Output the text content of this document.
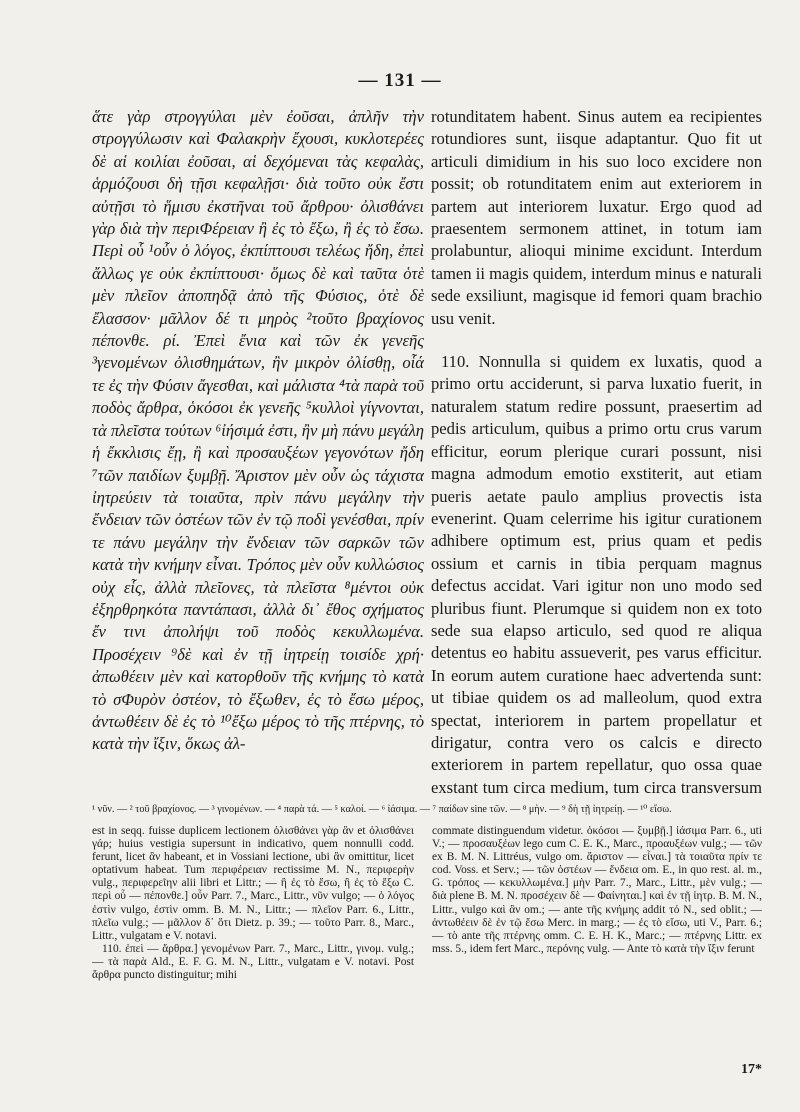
— 131 —

ἅτε γὰρ στρογγύλαι μὲν ἐοῦσαι, ἀπλῆν τὴν στρογγύλωσιν καὶ Φαλακρὴν ἔχουσι, κυκλοτερέες δὲ αἱ κοιλίαι ἐοῦσαι, αἱ δεχόμεναι τὰς κεφαλὰς, ἁρμόζουσι δὴ τῇσι κεφαλῇσι· διὰ τοῦτο οὐκ ἔστι αὐτῇσι τὸ ἥμισυ ἐκστῆναι τοῦ ἄρθρου· ὀλισθάνει γὰρ διὰ τὴν περιΦέρειαν ἢ ἐς τὸ ἔξω, ἢ ἐς τὸ ἔσω. Περὶ οὗ ¹οὖν ὁ λόγος, ἐκπίπτουσι τελέως ἤδη, ἐπεὶ ἄλλως γε οὐκ ἐκπίπτουσι· ὅμως δὲ καὶ ταῦτα ὁτὲ μὲν πλεῖον ἀποπηδᾷ ἀπὸ τῆς Φύσιος, ὁτὲ δὲ ἔλασσον· μᾶλλον δέ τι μηρὸς ²τοῦτο βραχίονος πέπονθε. ρί. Ἐπεὶ ἔνια καὶ τῶν ἐκ γενεῆς ³γενομένων ὀλισθημάτων, ἢν μικρὸν ὀλίσθῃ, οἷά τε ἐς τὴν Φύσιν ἄγεσθαι, καὶ μάλιστα ⁴τὰ παρὰ τοῦ ποδὸς ἄρθρα, ὁκόσοι ἐκ γενεῆς ⁵κυλλοὶ γίγνονται, τὰ πλεῖστα τούτων ⁶ἰήσιμά ἐστι, ἢν μὴ πάνυ μεγάλη ἡ ἔκκλισις ἔῃ, ἢ καὶ προσαυξέων γεγονότων ἤδη ⁷τῶν παιδίων ξυμβῇ. Ἄριστον μὲν οὖν ὡς τάχιστα ἰητρεύειν τὰ τοιαῦτα, πρὶν πάνυ μεγάλην τὴν ἔνδειαν τῶν ὀστέων τῶν ἐν τῷ ποδὶ γενέσθαι, πρίν τε πάνυ μεγάλην τὴν ἔνδειαν τῶν σαρκῶν τῶν κατὰ τὴν κνήμην εἶναι. Τρόπος μὲν οὖν κυλλώσιος οὐχ εἷς, ἀλλὰ πλεῖονες, τὰ πλεῖστα ⁸μέντοι οὐκ ἐξηρθρηκότα παντάπασι, ἀλλὰ δι᾽ ἔθος σχήματος ἔν τινι ἀπολήψι τοῦ ποδὸς κεκυλλωμένα. Προσέχειν ⁹δὲ καὶ ἐν τῇ ἰητρείῃ τοισίδε χρή· ἀπωθέειν μὲν καὶ κατορθοῦν τῆς κνήμης τὸ κατὰ τὸ σΦυρὸν ὀστέον, τὸ ἔξωθεν, ἐς τὸ ἔσω μέρος, ἀντωθέειν δὲ ἐς τὸ ¹⁰ἔξω μέρος τὸ τῆς πτέρνης, τὸ κατὰ τὴν ἴξιν, ὅκως ἀλ-

rotunditatem habent. Sinus autem ea recipientes rotundiores sunt, iisque adaptantur. Quo fit ut articuli dimidium in his suo loco excidere non possit; ob rotunditatem enim aut exteriorem in partem aut interiorem luxatur. Ergo quod ad praesentem sermonem attinet, in totum iam prolabuntur, alioqui minime excidunt. Interdum tamen ii magis quidem, interdum minus e naturali sede exsiliunt, magisque id femori quam brachio usu venit.

110. Nonnulla si quidem ex luxatis, quod a primo ortu acciderunt, si parva luxatio fuerit, in naturalem statum redire possunt, praesertim ad pedis articulum, quibus a primo ortu crus varum efficitur, eorum plerique curari possunt, nisi magna admodum emotio exstiterit, aut etiam pueris aetate paulo amplius provectis ista evenerint. Quam celerrime his igitur curationem adhibere optimum est, prius quam et pedis ossium et carnis in tibia perquam magnus defectus accidat. Vari igitur non uno modo sed pluribus fiunt. Plerumque si quidem non ex toto sede sua elapso articulo, sed quod re aliqua detentus eo habitu assueverit, pes varus efficitur. In eorum autem curatione haec advertenda sunt: ut tibiae quidem os ad malleolum, quod extra spectat, interiorem in partem propellatur et dirigatur, contra vero os calcis e directo exteriorem in partem repellatur, quo ossa quae exstant tum circa medium, tum circa transversum

¹ νῦν. — ² τοῦ βραχίονος. — ³ γινομένων. — ⁴ παρὰ τά. — ⁵ καλοί. — ⁶ ἰάσιμα. — ⁷ παίδων sine τῶν. — ⁸ μὴν. — ⁹ δὴ τῇ ἰητρείῃ. — ¹⁰ εἴσω.

est in seqq. fuisse duplicem lectionem ὀλισθάνει γὰρ ἂν et ὀλισθάνει γάρ; huius vestigia supersunt in indicativo, quem nonnulli codd. ferunt, licet ἂν habeant, et in Vossiani lectione, ubi ἂν omittitur, licet optativum habeat. Tum περιφέρειαν rectissime M. N., περιφερὴν vulg., περιφερεῖην alii libri et Littr.; — ἢ ἐς τὸ ἔσω, ἢ ἐς τὸ ἔξω C. περὶ οὗ — πέπονθε.] οὖν Parr. 7., Marc., Littr., νῦν vulgo; — ὁ λόγος ἐστὶν vulgo, ἐστὶν omm. B. M. N., Littr.; — πλεῖον Parr. 6., Littr., πλεῖω vulg.; — μᾶλλον δ᾽ ὅτι Dietz. p. 39.; — τοῦτο Parr. 8., Marc., Littr., vulgatam e V. notavi.

110. ἐπεὶ — ἄρθρα.] γενομένων Parr. 7., Marc., Littr., γινομ. vulg.; — τὰ παρὰ Ald., E. F. G. M. N., Littr., vulgatam e V. notavi. Post ἄρθρα puncto distinguitur; mihi

commate distinguendum videtur. ὁκόσοι — ξυμβῇ.] ἰάσιμα Parr. 6., uti V.; — προσαυξέων lego cum C. E. K., Marc., προαυξέων vulg.; — τῶν ex B. M. N. Littréus, vulgo om. ἄριστον — εἶναι.] τὰ τοιαῦτα πρίν τε cod. Voss. et Serv.; — τῶν ὀστέων — ἔνδεια om. E., in quo rest. al. m., G. τρόπος — κεκυλλωμένα.] μὴν Parr. 7., Marc., Littr., μὲν vulg.; — διὰ plene B. M. N. προσέχειν δὲ — Φαίνηται.] καὶ ἐν τῇ ἰητρ. B. M. N., Littr., vulgo καὶ ἂν om.; — ante τῆς κνήμης addit τό N., sed oblit.; — ἀντωθέειν δὲ ἐν τῷ ἔσω Merc. in marg.; — ἐς τὸ εἴσω, uti V., Parr. 6.; — τὸ ante τῆς πτέρνης omm. C. E. H. K., Marc.; — πτέρνης Littr. ex mss. 5., idem fert Marc., περόνης vulg. — Ante τὸ κατὰ τὴν ἴξιν ferunt

17*
